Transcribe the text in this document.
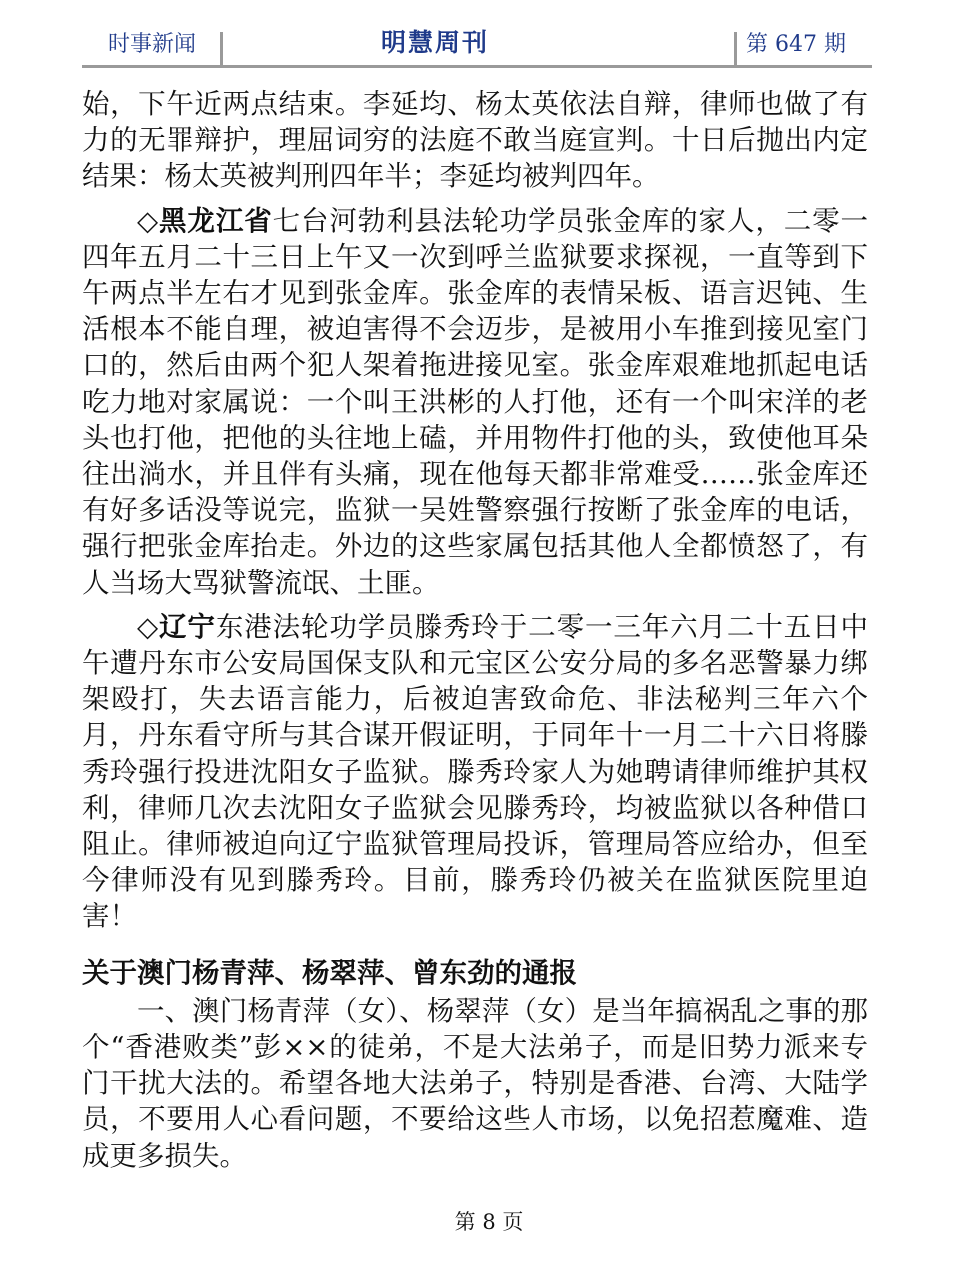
时事新闻	明慧周刊	第 647 期

始，下午近两点结束。李延均、杨太英依法自辩，律师也做了有力的无罪辩护，理屈词穷的法庭不敢当庭宣判。十日后抛出内定结果：杨太英被判刑四年半；李延均被判四年。

◇黑龙江省七台河勃利县法轮功学员张金库的家人，二零一四年五月二十三日上午又一次到呼兰监狱要求探视，一直等到下午两点半左右才见到张金库。张金库的表情呆板、语言迟钝、生活根本不能自理，被迫害得不会迈步，是被用小车推到接见室门口的，然后由两个犯人架着拖进接见室。张金库艰难地抓起电话吃力地对家属说：一个叫王洪彬的人打他，还有一个叫宋洋的老头也打他，把他的头往地上磕，并用物件打他的头，致使他耳朵往出淌水，并且伴有头痛，现在他每天都非常难受……张金库还有好多话没等说完，监狱一吴姓警察强行按断了张金库的电话，强行把张金库抬走。外边的这些家属包括其他人全都愤怒了，有人当场大骂狱警流氓、土匪。

◇辽宁东港法轮功学员滕秀玲于二零一三年六月二十五日中午遭丹东市公安局国保支队和元宝区公安分局的多名恶警暴力绑架殴打，失去语言能力，后被迫害致命危、非法秘判三年六个月，丹东看守所与其合谋开假证明，于同年十一月二十六日将滕秀玲强行投进沈阳女子监狱。滕秀玲家人为她聘请律师维护其权利，律师几次去沈阳女子监狱会见滕秀玲，均被监狱以各种借口阻止。律师被迫向辽宁监狱管理局投诉，管理局答应给办，但至今律师没有见到滕秀玲。目前，滕秀玲仍被关在监狱医院里迫害！

关于澳门杨青萍、杨翠萍、曾东劲的通报

一、澳门杨青萍（女）、杨翠萍（女）是当年搞祸乱之事的那个“香港败类”彭××的徒弟，不是大法弟子，而是旧势力派来专门干扰大法的。希望各地大法弟子，特别是香港、台湾、大陆学员，不要用人心看问题，不要给这些人市场，以免招惹魔难、造成更多损失。

第 8 页
